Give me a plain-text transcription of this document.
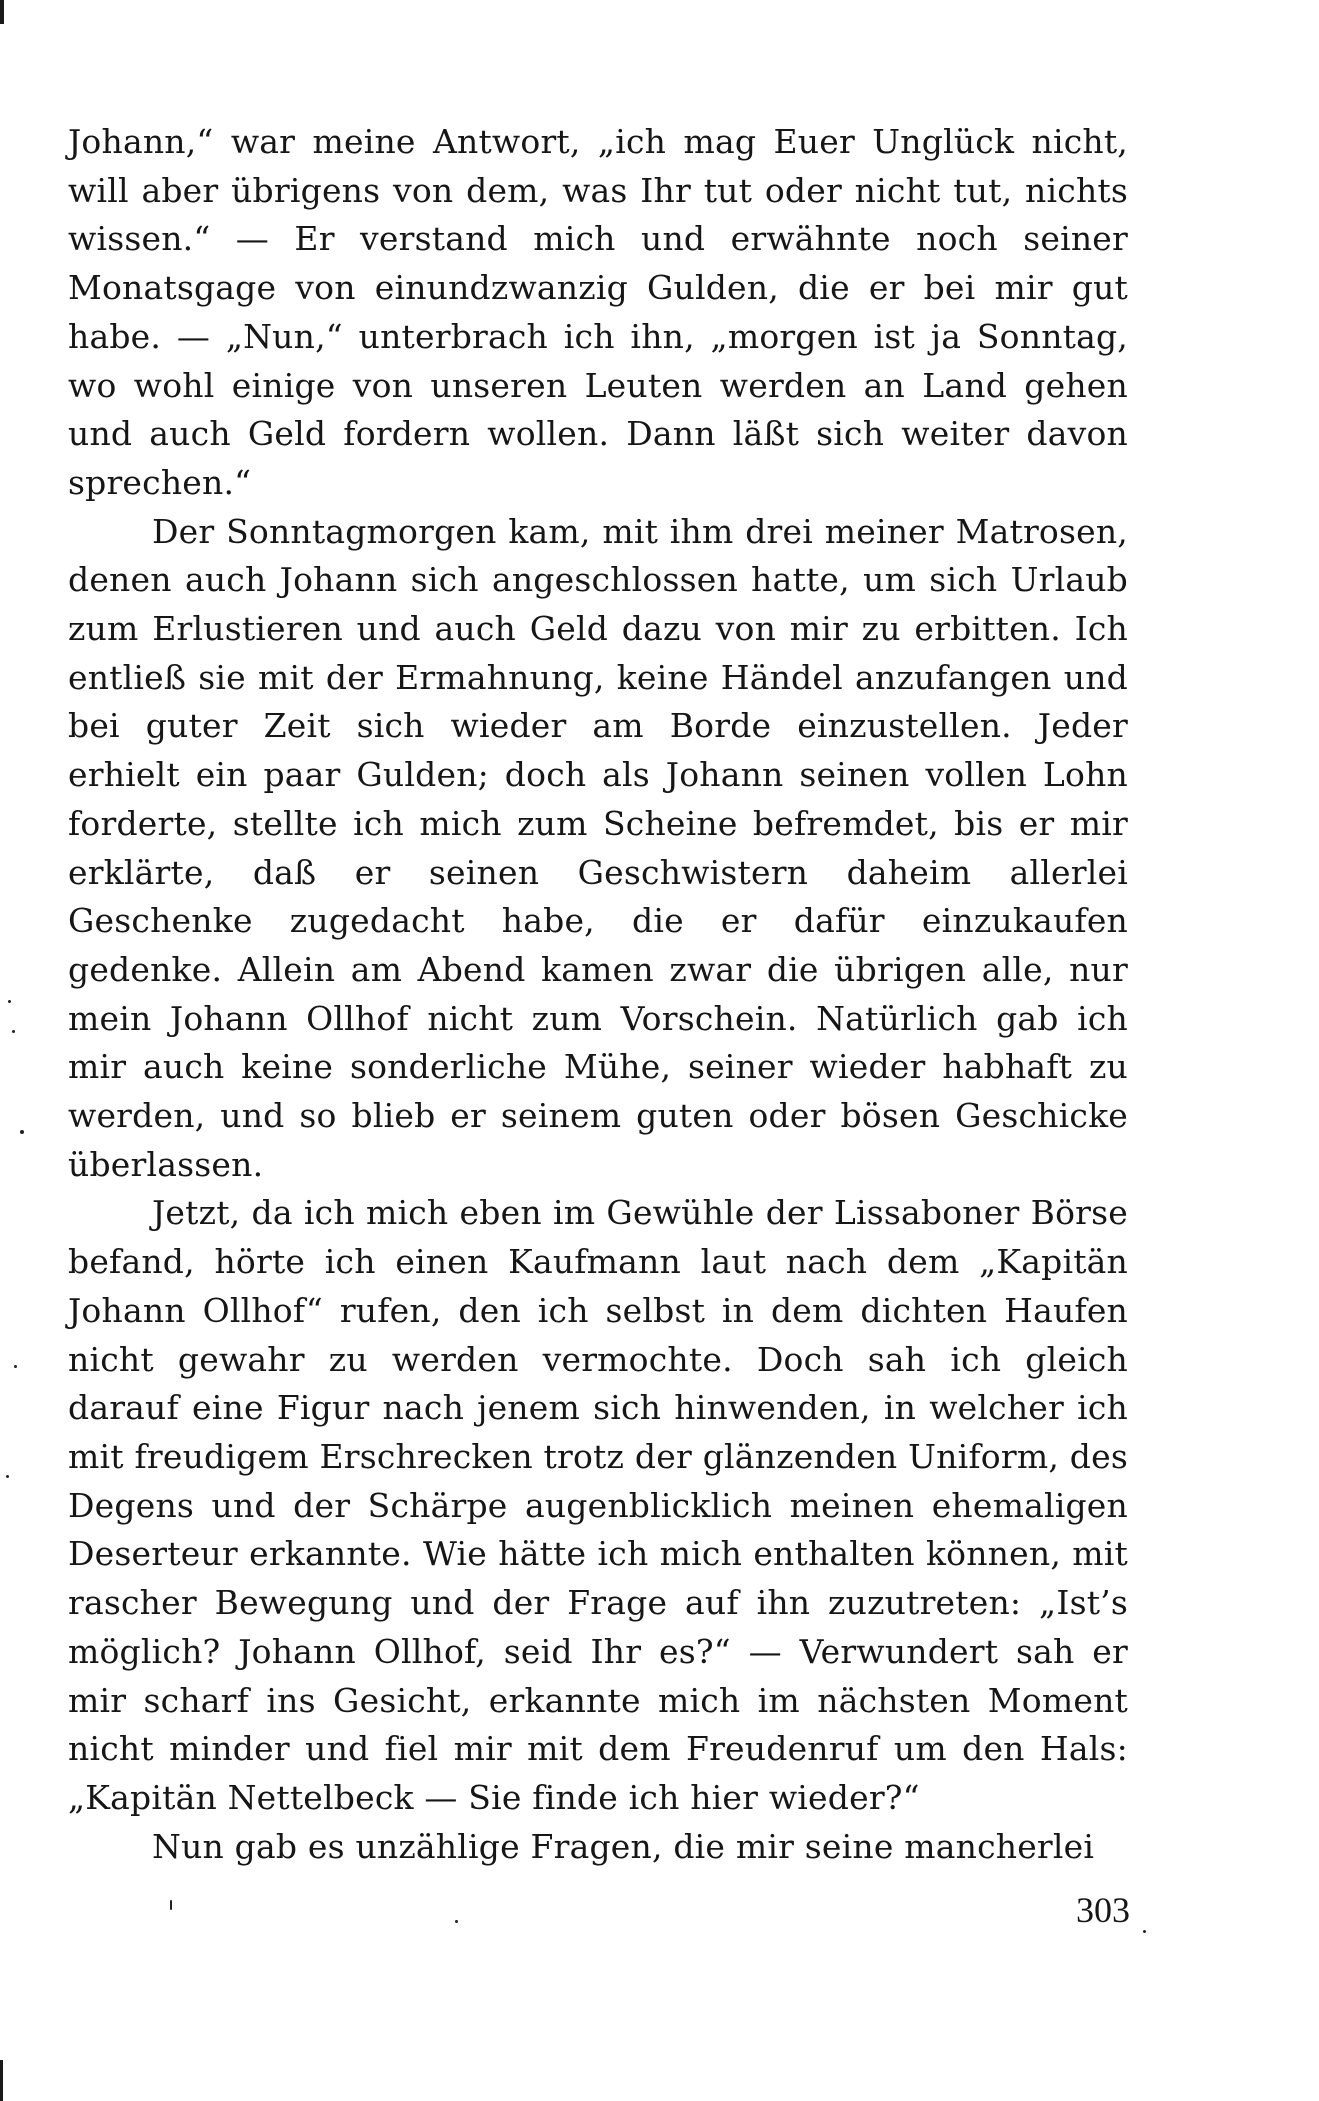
Johann,“ war meine Antwort, „ich mag Euer Unglück nicht, will aber übrigens von dem, was Ihr tut oder nicht tut, nichts wissen.“ — Er verstand mich und erwähnte noch seiner Monatsgage von einundzwanzig Gulden, die er bei mir gut habe. — „Nun,“ unterbrach ich ihn, „morgen ist ja Sonntag, wo wohl einige von unseren Leuten werden an Land gehen und auch Geld fordern wollen. Dann läßt sich weiter davon sprechen.“

Der Sonntagmorgen kam, mit ihm drei meiner Matrosen, denen auch Johann sich angeschlossen hatte, um sich Urlaub zum Erlustieren und auch Geld dazu von mir zu erbitten. Ich entließ sie mit der Ermahnung, keine Händel anzufangen und bei guter Zeit sich wieder am Borde einzustellen. Jeder erhielt ein paar Gulden; doch als Johann seinen vollen Lohn forderte, stellte ich mich zum Scheine befremdet, bis er mir erklärte, daß er seinen Geschwistern daheim allerlei Geschenke zugedacht habe, die er dafür einzukaufen gedenke. Allein am Abend kamen zwar die übrigen alle, nur mein Johann Ollhof nicht zum Vorschein. Natürlich gab ich mir auch keine sonderliche Mühe, seiner wieder habhaft zu werden, und so blieb er seinem guten oder bösen Geschicke überlassen.

Jetzt, da ich mich eben im Gewühle der Lissaboner Börse befand, hörte ich einen Kaufmann laut nach dem „Kapitän Johann Ollhof“ rufen, den ich selbst in dem dichten Haufen nicht gewahr zu werden vermochte. Doch sah ich gleich darauf eine Figur nach jenem sich hinwenden, in welcher ich mit freudigem Erschrecken trotz der glänzenden Uniform, des Degens und der Schärpe augenblicklich meinen ehemaligen Deserteur erkannte. Wie hätte ich mich enthalten können, mit rascher Bewegung und der Frage auf ihn zuzutreten: „Ist’s möglich? Johann Ollhof, seid Ihr es?“ — Verwundert sah er mir scharf ins Gesicht, erkannte mich im nächsten Moment nicht minder und fiel mir mit dem Freudenruf um den Hals: „Kapitän Nettelbeck — Sie finde ich hier wieder?“

Nun gab es unzählige Fragen, die mir seine mancherlei

303
